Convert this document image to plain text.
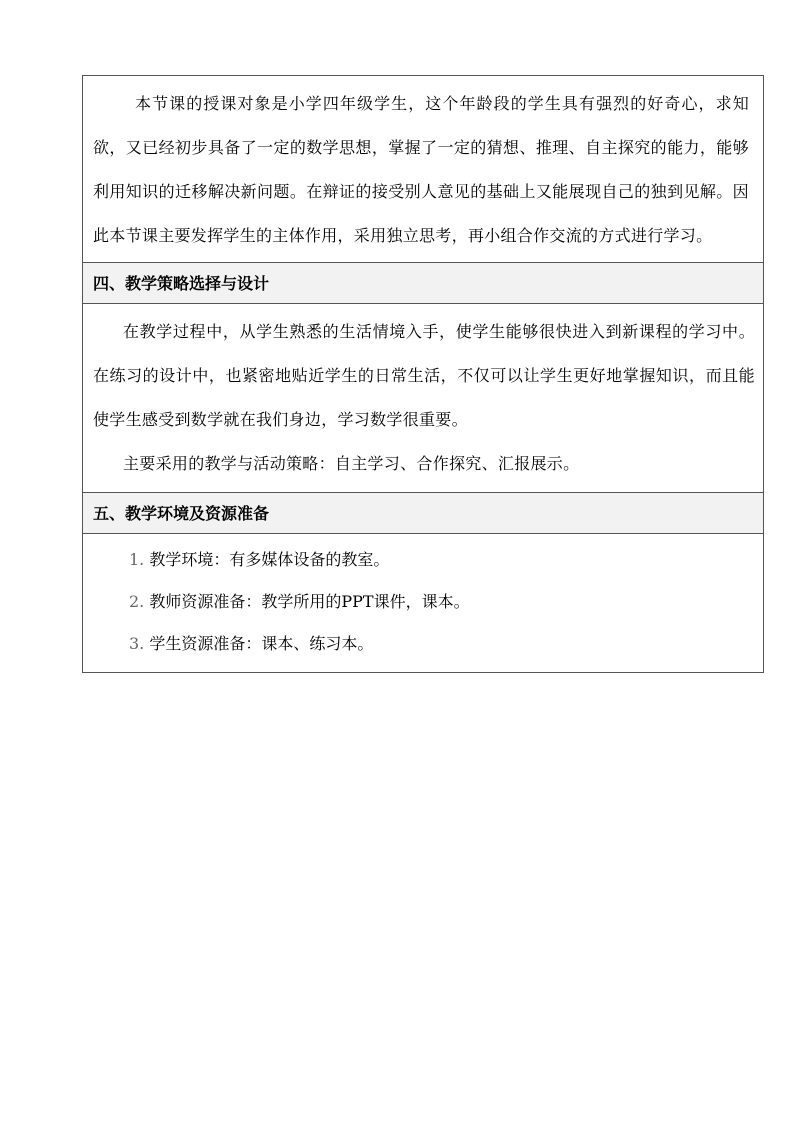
本节课的授课对象是小学四年级学生，这个年龄段的学生具有强烈的好奇心，求知欲，又已经初步具备了一定的数学思想，掌握了一定的猜想、推理、自主探究的能力，能够利用知识的迁移解决新问题。在辩证的接受别人意见的基础上又能展现自己的独到见解。因此本节课主要发挥学生的主体作用，采用独立思考，再小组合作交流的方式进行学习。

四、教学策略选择与设计

在教学过程中，从学生熟悉的生活情境入手，使学生能够很快进入到新课程的学习中。在练习的设计中，也紧密地贴近学生的日常生活，不仅可以让学生更好地掌握知识，而且能使学生感受到数学就在我们身边，学习数学很重要。

主要采用的教学与活动策略：自主学习、合作探究、汇报展示。

五、教学环境及资源准备
1. 教学环境：有多媒体设备的教室。
2. 教师资源准备：教学所用的PPT课件，课本。
3. 学生资源准备：课本、练习本。
